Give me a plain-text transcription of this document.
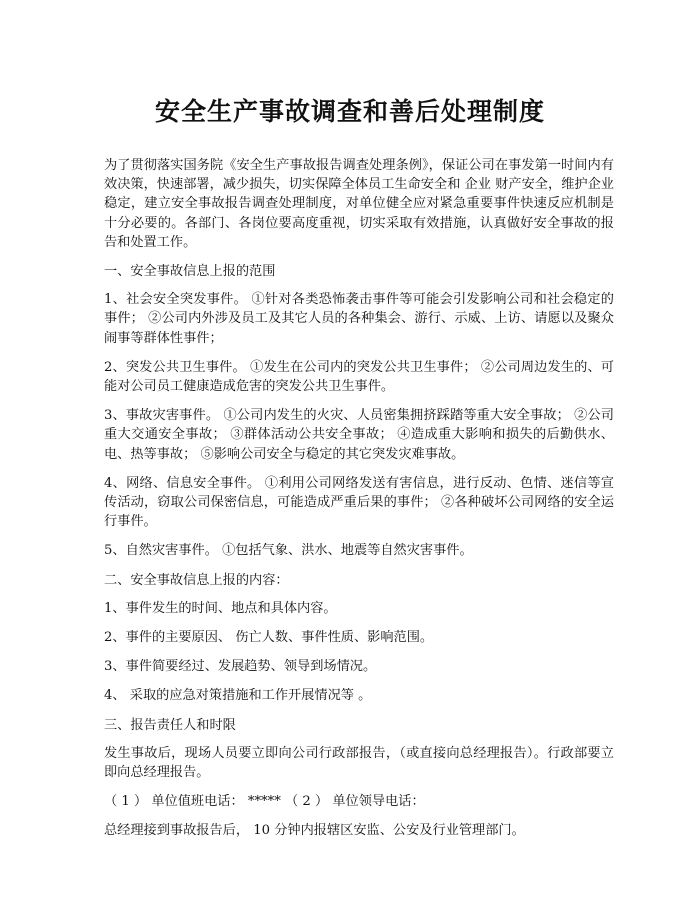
安全生产事故调查和善后处理制度

为了贯彻落实国务院《安全生产事故报告调查处理条例》，保证公司在事发第一时间内有效决策，快速部署，减少损失，切实保障全体员工生命安全和 企业 财产安全，维护企业稳定，建立安全事故报告调查处理制度，对单位健全应对紧急重要事件快速反应机制是十分必要的。各部门、各岗位要高度重视，切实采取有效措施，认真做好安全事故的报告和处置工作。

一、安全事故信息上报的范围

1、社会安全突发事件。 ①针对各类恐怖袭击事件等可能会引发影响公司和社会稳定的事件； ②公司内外涉及员工及其它人员的各种集会、游行、示威、上访、请愿以及聚众闹事等群体性事件；

2、突发公共卫生事件。 ①发生在公司内的突发公共卫生事件； ②公司周边发生的、可能对公司员工健康造成危害的突发公共卫生事件。

3、事故灾害事件。 ①公司内发生的火灾、人员密集拥挤踩踏等重大安全事故； ②公司重大交通安全事故； ③群体活动公共安全事故； ④造成重大影响和损失的后勤供水、电、热等事故； ⑤影响公司安全与稳定的其它突发灾难事故。

4、网络、信息安全事件。 ①利用公司网络发送有害信息，进行反动、色情、迷信等宣传活动，窃取公司保密信息，可能造成严重后果的事件； ②各种破坏公司网络的安全运行事件。

5、自然灾害事件。 ①包括气象、洪水、地震等自然灾害事件。

二、安全事故信息上报的内容：

1、事件发生的时间、地点和具体内容。

2、事件的主要原因、 伤亡人数、事件性质、影响范围。

3、事件简要经过、发展趋势、领导到场情况。

4、 采取的应急对策措施和工作开展情况等 。

三、报告责任人和时限

发生事故后，现场人员要立即向公司行政部报告，（或直接向总经理报告）。行政部要立即向总经理报告。

（ 1 ） 单位值班电话： ***** （ 2 ） 单位领导电话：

总经理接到事故报告后， 10 分钟内报辖区安监、公安及行业管理部门。
